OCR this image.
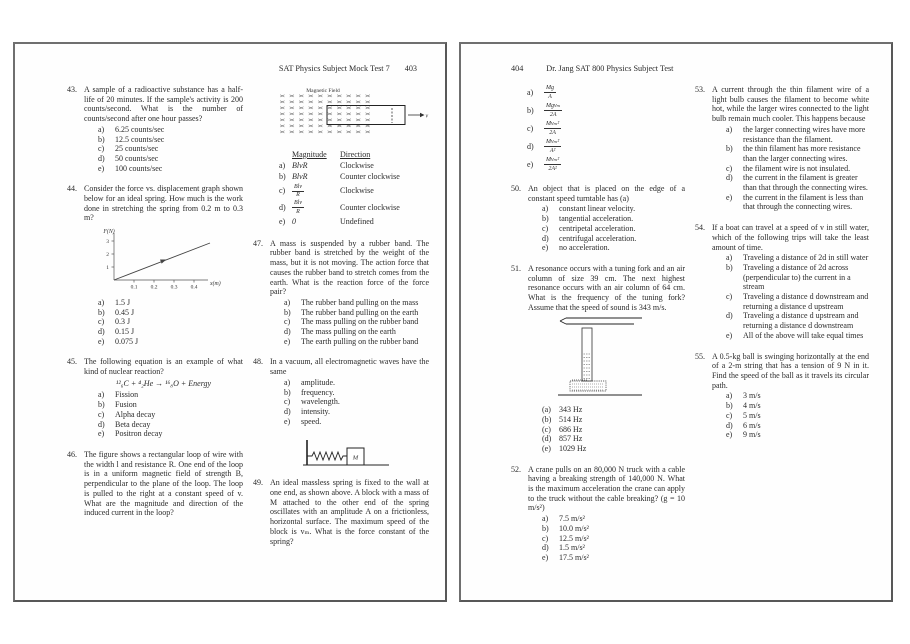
SAT Physics Subject Mock Test 7 403
43. A sample of a radioactive substance has a half-life of 20 minutes. If the sample's activity is 200 counts/second. What is the number of counts/second after one hour passes?
a)	6.25 counts/sec
b)	12.5 counts/sec
c)	25 counts/sec
d)	50 counts/sec
e)	100 counts/sec
44. Consider the force vs. displacement graph shown below for an ideal spring. How much is the work done in stretching the spring from 0.2 m to 0.3 m?
F(N)
x(m)
1
2
3
0.1 0.2 0.3 0.4
a)	1.5 J
b)	0.45 J
c)	0.3 J
d)	0.15 J
e)	0.075 J
45. The following equation is an example of what kind of nuclear reaction?
¹²₆C + ⁴₂He → ¹⁶₈O + Energy
a)	Fission
b)	Fusion
c)	Alpha decay
d)	Beta decay
e)	Positron decay
46. The figure shows a rectangular loop of wire with the width l and resistance R. One end of the loop is in a uniform magnetic field of strength B, perpendicular to the plane of the loop. The loop is pulled to the right at a constant speed of v. What are the magnitude and direction of the induced current in the loop?
Magnetic Field
× × × × × × × × × ×
× × × × × × × × × ×
× × × × × × × × × ×
× × × × × × × × × ×
× × × × × × × × × ×
× × × × × × × × × ×
× × × × × × × × × ×
v
Magnitude	Direction
a) BlvR	Clockwise
b) BlvR	Counter clockwise
c)	$\frac{\text{Blv}}{R}$	Clockwise
d)	$\frac{\text{Blv}}{R}$	Counter clockwise
e) 0	Undefined
47. A mass is suspended by a rubber band. The rubber band is stretched by the weight of the mass, but it is not moving. The action force that causes the rubber band to stretch comes from the earth. What is the reaction force of the force pair?
a)	The rubber band pulling on the mass
b)	The rubber band pulling on the earth
c)	The mass pulling on the rubber band
d)	The mass pulling on the earth
e)	The earth pulling on the rubber band
48. In a vacuum, all electromagnetic waves have the same
a)	amplitude.
b)	frequency.
c)	wavelength.
d)	intensity.
e)	speed.
M
49. An ideal massless spring is fixed to the wall at one end, as shown above. A block with a mass of M attached to the other end of the spring oscillates with an amplitude A on a frictionless, horizontal surface. The maximum speed of the block is vₘ. What is the force constant of the spring?
404	Dr. Jang SAT 800 Physics Subject Test
a)	$\frac{Mg}{A}$
b)	$\frac{\text{Mgvₘ}}{2A}$
c)	$\frac{\text{Mvₘ²}}{2A}$
d)	$\frac{\text{Mvₘ²}}{\text{A²}}$
e)	$\frac{\text{Mvₘ²}}{\text{2A²}}$
50. An object that is placed on the edge of a constant speed turntable has (a)
a)	constant linear velocity.
b)	tangential acceleration.
c)	centripetal acceleration.
d)	centrifugal acceleration.
e)	no acceleration.
51. A resonance occurs with a tuning fork and an air column of size 39 cm. The next highest resonance occurs with an air column of 64 cm. What is the frequency of the tuning fork? Assume that the speed of sound is 343 m/s.
(a)	343 Hz
(b) 514 Hz
(c)	686 Hz
(d) 857 Hz
(e)	1029 Hz
52. A crane pulls on an 80,000 N truck with a cable having a breaking strength of 140,000 N. What is the maximum acceleration the crane can apply to the truck without the cable breaking? (g = 10 m/s²)
a)	7.5 m/s²
b)	10.0 m/s²
c)	12.5 m/s²
d)	1.5 m/s²
e)	17.5 m/s²
53. A current through the thin filament wire of a light bulb causes the filament to become white hot, while the larger wires connected to the light bulb remain much cooler. This happens because
a)	the larger connecting wires have more resistance than the filament.
b)	the thin filament has more resistance than the larger connecting wires.
c)	the filament wire is not insulated.
d)	the current in the filament is greater than that through the connecting wires.
e)	the current in the filament is less than that through the connecting wires.
54. If a boat can travel at a speed of v in still water, which of the following trips will take the least amount of time.
a)	Traveling a distance of 2d in still water
b)	Traveling a distance of 2d across (perpendicular to) the current in a stream
c)	Traveling a distance d downstream and returning a distance d upstream
d)	Traveling a distance d upstream and returning a distance d downstream
e)	All of the above will take equal times
55. A 0.5-kg ball is swinging horizontally at the end of a 2-m string that has a tension of 9 N in it. Find the speed of the ball as it travels its circular path.
a)	3 m/s
b)	4 m/s
c)	5 m/s
d)	6 m/s
e)	9 m/s
